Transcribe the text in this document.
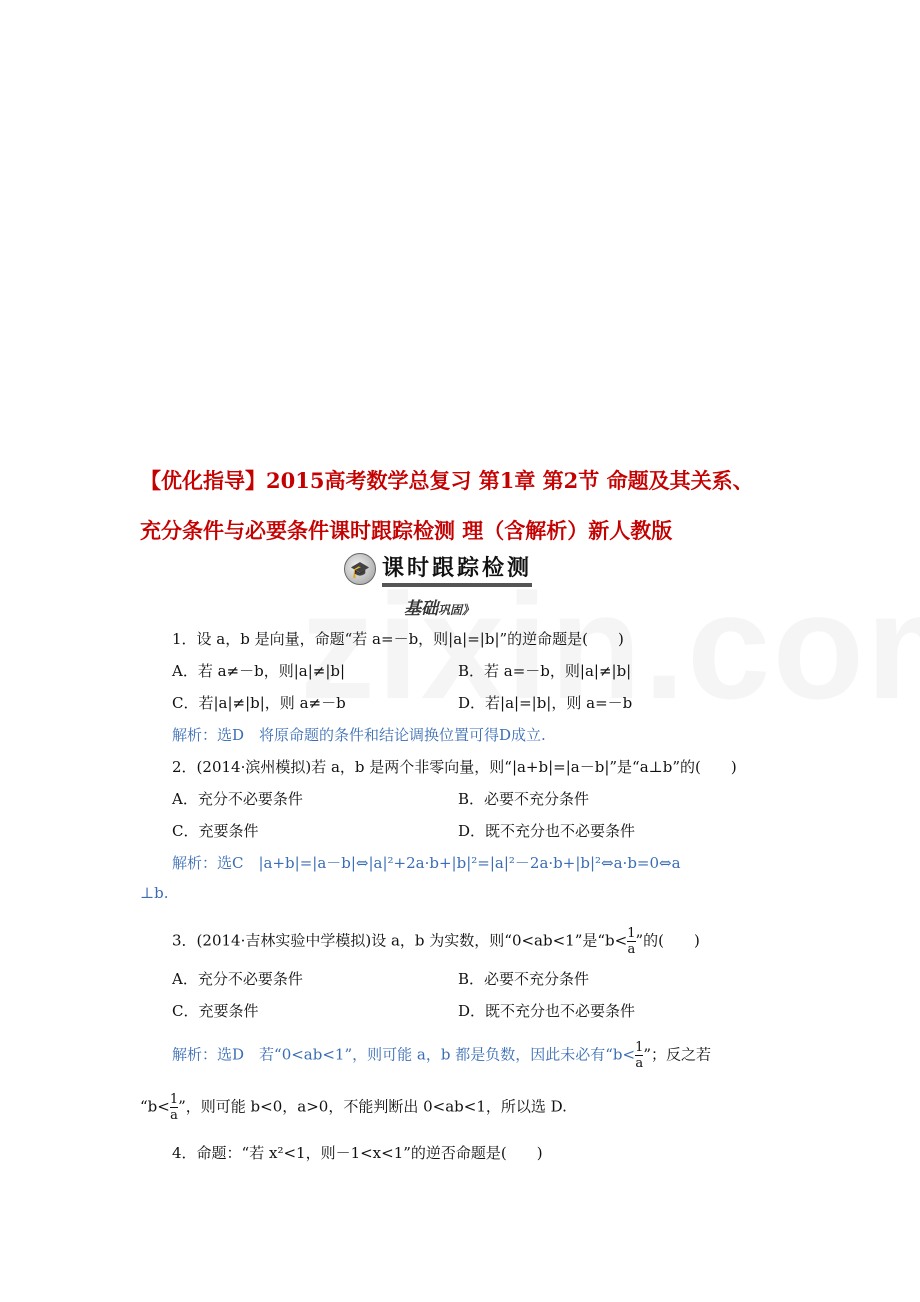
【优化指导】2015高考数学总复习 第1章 第2节 命题及其关系、
充分条件与必要条件课时跟踪检测 理（含解析）新人教版
🎓 课时跟踪检测
基础巩固》
1．设 a，b 是向量，命题“若 a=－b，则|a|=|b|”的逆命题是(　　)
A．若 a≠－b，则|a|≠|b|	B．若 a=－b，则|a|≠|b|
C．若|a|≠|b|，则 a≠－b	D．若|a|=|b|，则 a=－b
解析：选D　将原命题的条件和结论调换位置可得D成立.
2．(2014·滨州模拟)若 a，b 是两个非零向量，则“|a+b|=|a－b|”是“a⊥b”的(　　)
A．充分不必要条件	B．必要不充分条件
C．充要条件	D．既不充分也不必要条件
解析：选C　|a+b|=|a－b|⇔|a|²+2a·b+|b|²=|a|²－2a·b+|b|²⇔a·b=0⇔a
⊥b.
3．(2014·吉林实验中学模拟)设 a，b 为实数，则“0<ab<1”是“$b< \frac{1}{a}$ ”的(　　)
A．充分不必要条件	B．必要不充分条件
C．充要条件	D．既不充分也不必要条件
解析：选D　若“0<ab<1”，则可能 a，b 都是负数，因此未必有“$b< \frac{1}{a}$ ”；反之若
“$b< \frac{1}{a}$ ”，则可能 b<0，a>0，不能判断出 0<ab<1，所以选 D.
4．命题：“若 x²<1，则－1<x<1”的逆否命题是(　　)
